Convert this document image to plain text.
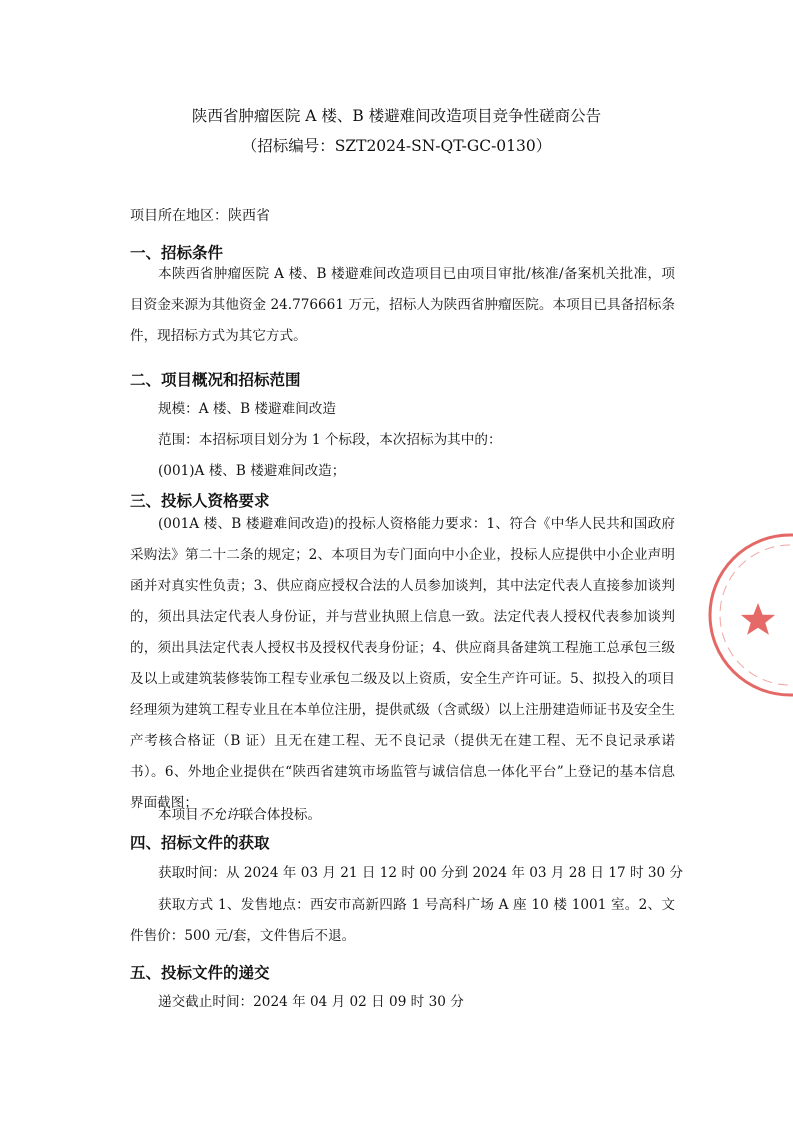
陕西省肿瘤医院 A 楼、B 楼避难间改造项目竞争性磋商公告
（招标编号：SZT2024-SN-QT-GC-0130）
项目所在地区：陕西省
一、招标条件
本陕西省肿瘤医院 A 楼、B 楼避难间改造项目已由项目审批/核准/备案机关批准，项目资金来源为其他资金 24.776661 万元，招标人为陕西省肿瘤医院。本项目已具备招标条件，现招标方式为其它方式。
二、项目概况和招标范围
规模：A 楼、B 楼避难间改造
范围：本招标项目划分为 1 个标段，本次招标为其中的：
(001)A 楼、B 楼避难间改造；
三、投标人资格要求
(001A 楼、B 楼避难间改造)的投标人资格能力要求：1、符合《中华人民共和国政府采购法》第二十二条的规定；2、本项目为专门面向中小企业，投标人应提供中小企业声明函并对真实性负责；3、供应商应授权合法的人员参加谈判，其中法定代表人直接参加谈判的，须出具法定代表人身份证，并与营业执照上信息一致。法定代表人授权代表参加谈判的，须出具法定代表人授权书及授权代表身份证；4、供应商具备建筑工程施工总承包三级及以上或建筑装修装饰工程专业承包二级及以上资质，安全生产许可证。5、拟投入的项目经理须为建筑工程专业且在本单位注册，提供贰级（含贰级）以上注册建造师证书及安全生产考核合格证（B 证）且无在建工程、无不良记录（提供无在建工程、无不良记录承诺书）。6、外地企业提供在“陕西省建筑市场监管与诚信信息一体化平台”上登记的基本信息界面截图；
本项目不允许联合体投标。
四、招标文件的获取
获取时间：从 2024 年 03 月 21 日 12 时 00 分到 2024 年 03 月 28 日 17 时 30 分
获取方式 1、发售地点：西安市高新四路 1 号高科广场 A 座 10 楼 1001 室。2、文件售价：500 元/套，文件售后不退。
五、投标文件的递交
递交截止时间：2024 年 04 月 02 日 09 时 30 分
